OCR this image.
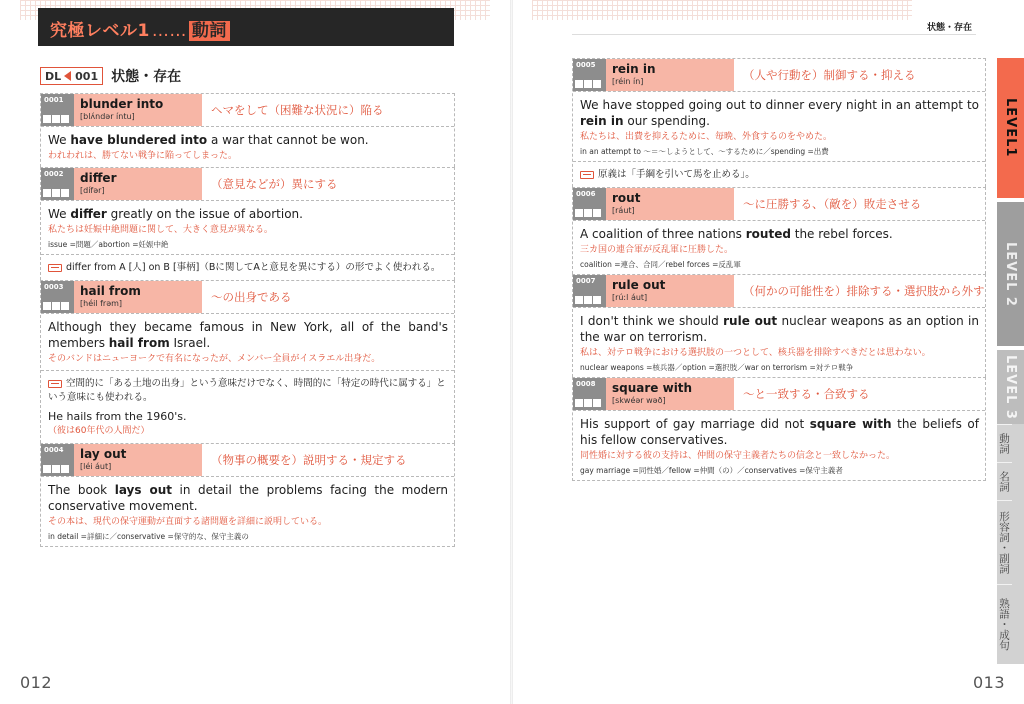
究極レベル1 …… 動詞
DL 001 状態・存在
0001 blunder into
[blʌ́ndər íntu]	ヘマをして（困難な状況に）陥る
We have blundered into a war that cannot be won.
われわれは、勝てない戦争に陥ってしまった。
0002 differ
[dífər]	（意見などが）異にする
We differ greatly on the issue of abortion.
私たちは妊娠中絶問題に関して、大きく意見が異なる。
issue =問題／abortion =妊娠中絶
differ from A [人] on B [事柄]（Bに関してAと意見を異にする）の形でよく使われる。
0003 hail from
[héil frəm]	～の出身である
Although they became famous in New York, all of the band's members hail from Israel.
そのバンドはニューヨークで有名になったが、メンバー全員がイスラエル出身だ。
空間的に「ある土地の出身」という意味だけでなく、時間的に「特定の時代に属する」という意味にも使われる。
He hails from the 1960's.
（彼は60年代の人間だ）
0004 lay out
[léi áut]	（物事の概要を）説明する・規定する
The book lays out in detail the problems facing the modern conservative movement.
その本は、現代の保守運動が直面する諸問題を詳細に説明している。
in detail =詳細に／conservative =保守的な、保守主義の
012
状態・存在
0005 rein in
[réin ín]	（人や行動を）制御する・抑える
We have stopped going out to dinner every night in an attempt to rein in our spending.
私たちは、出費を抑えるために、毎晩、外食するのをやめた。
in an attempt to ～＝～しようとして、～するために／spending =出費
原義は「手綱を引いて馬を止める」。
0006 rout
[ráut]	～に圧勝する、（敵を）敗走させる
A coalition of three nations routed the rebel forces.
三カ国の連合軍が反乱軍に圧勝した。
coalition =連合、合同／rebel forces =反乱軍
0007 rule out
[rúːl áut]	（何かの可能性を）排除する・選択肢から外す
I don't think we should rule out nuclear weapons as an option in the war on terrorism.
私は、対テロ戦争における選択肢の一つとして、核兵器を排除すべきだとは思わない。
nuclear weapons =核兵器／option =選択肢／war on terrorism =対テロ戦争
0008 square with
[skwéər wəð]	～と一致する・合致する
His support of gay marriage did not square with the beliefs of his fellow conservatives.
同性婚に対する彼の支持は、仲間の保守主義者たちの信念と一致しなかった。
gay marriage =同性婚／fellow =仲間（の）／conservatives =保守主義者
LEVEL1
LEVEL 2
LEVEL 3
動詞
名詞
形容詞・副詞
熟語・成句
013
